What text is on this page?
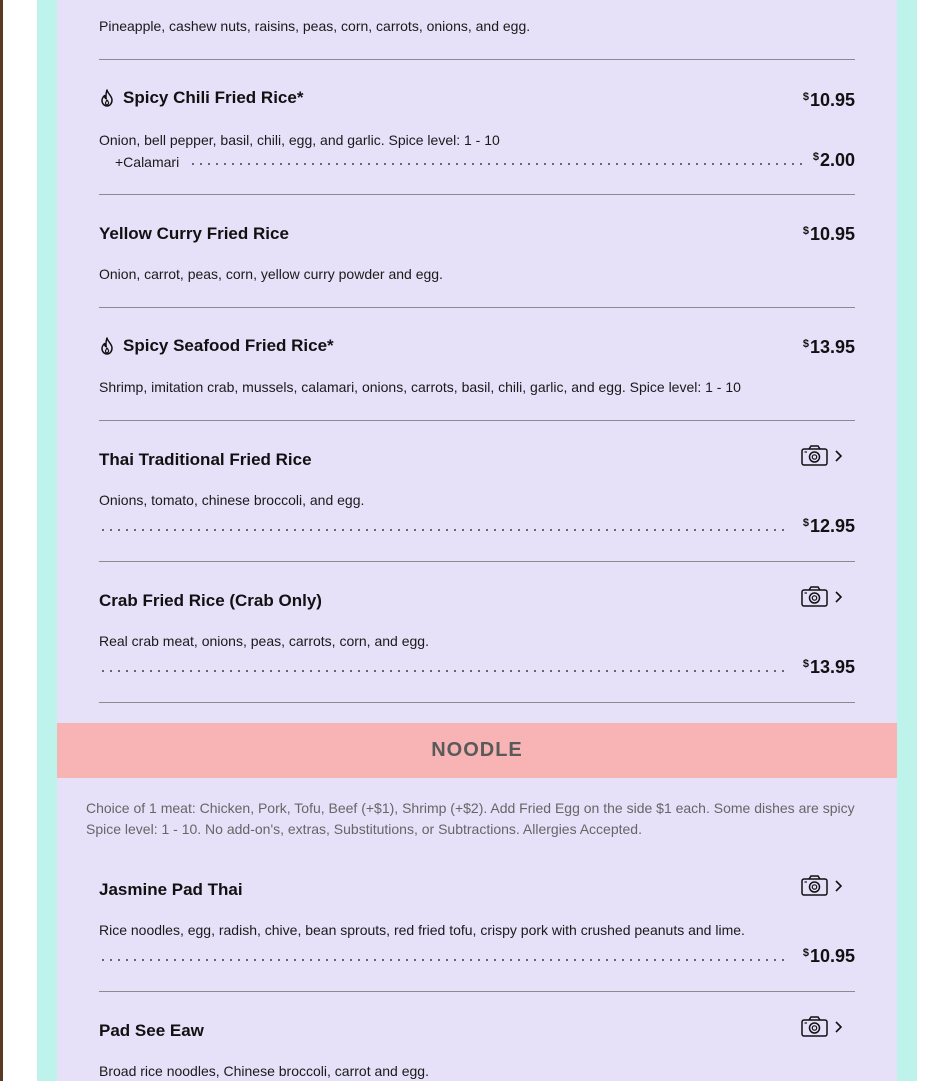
Pineapple, cashew nuts, raisins, peas, corn, carrots, onions, and egg.
Spicy Chili Fried Rice*	$10.95
Onion, bell pepper, basil, chili, egg, and garlic. Spice level: 1 - 10
+Calamari	$2.00
Yellow Curry Fried Rice	$10.95
Onion, carrot, peas, corn, yellow curry powder and egg.
Spicy Seafood Fried Rice*	$13.95
Shrimp, imitation crab, mussels, calamari, onions, carrots, basil, chili, garlic, and egg. Spice level: 1 - 10
Thai Traditional Fried Rice
Onions, tomato, chinese broccoli, and egg.
$12.95
Crab Fried Rice (Crab Only)
Real crab meat, onions, peas, carrots, corn, and egg.
$13.95
NOODLE
Choice of 1 meat: Chicken, Pork, Tofu, Beef (+$1), Shrimp (+$2). Add Fried Egg on the side $1 each. Some dishes are spicy
Spice level: 1 - 10. No add-on's, extras, Substitutions, or Subtractions. Allergies Accepted.
Jasmine Pad Thai
Rice noodles, egg, radish, chive, bean sprouts, red fried tofu, crispy pork with crushed peanuts and lime.
$10.95
Pad See Eaw
Broad rice noodles, Chinese broccoli, carrot and egg.
